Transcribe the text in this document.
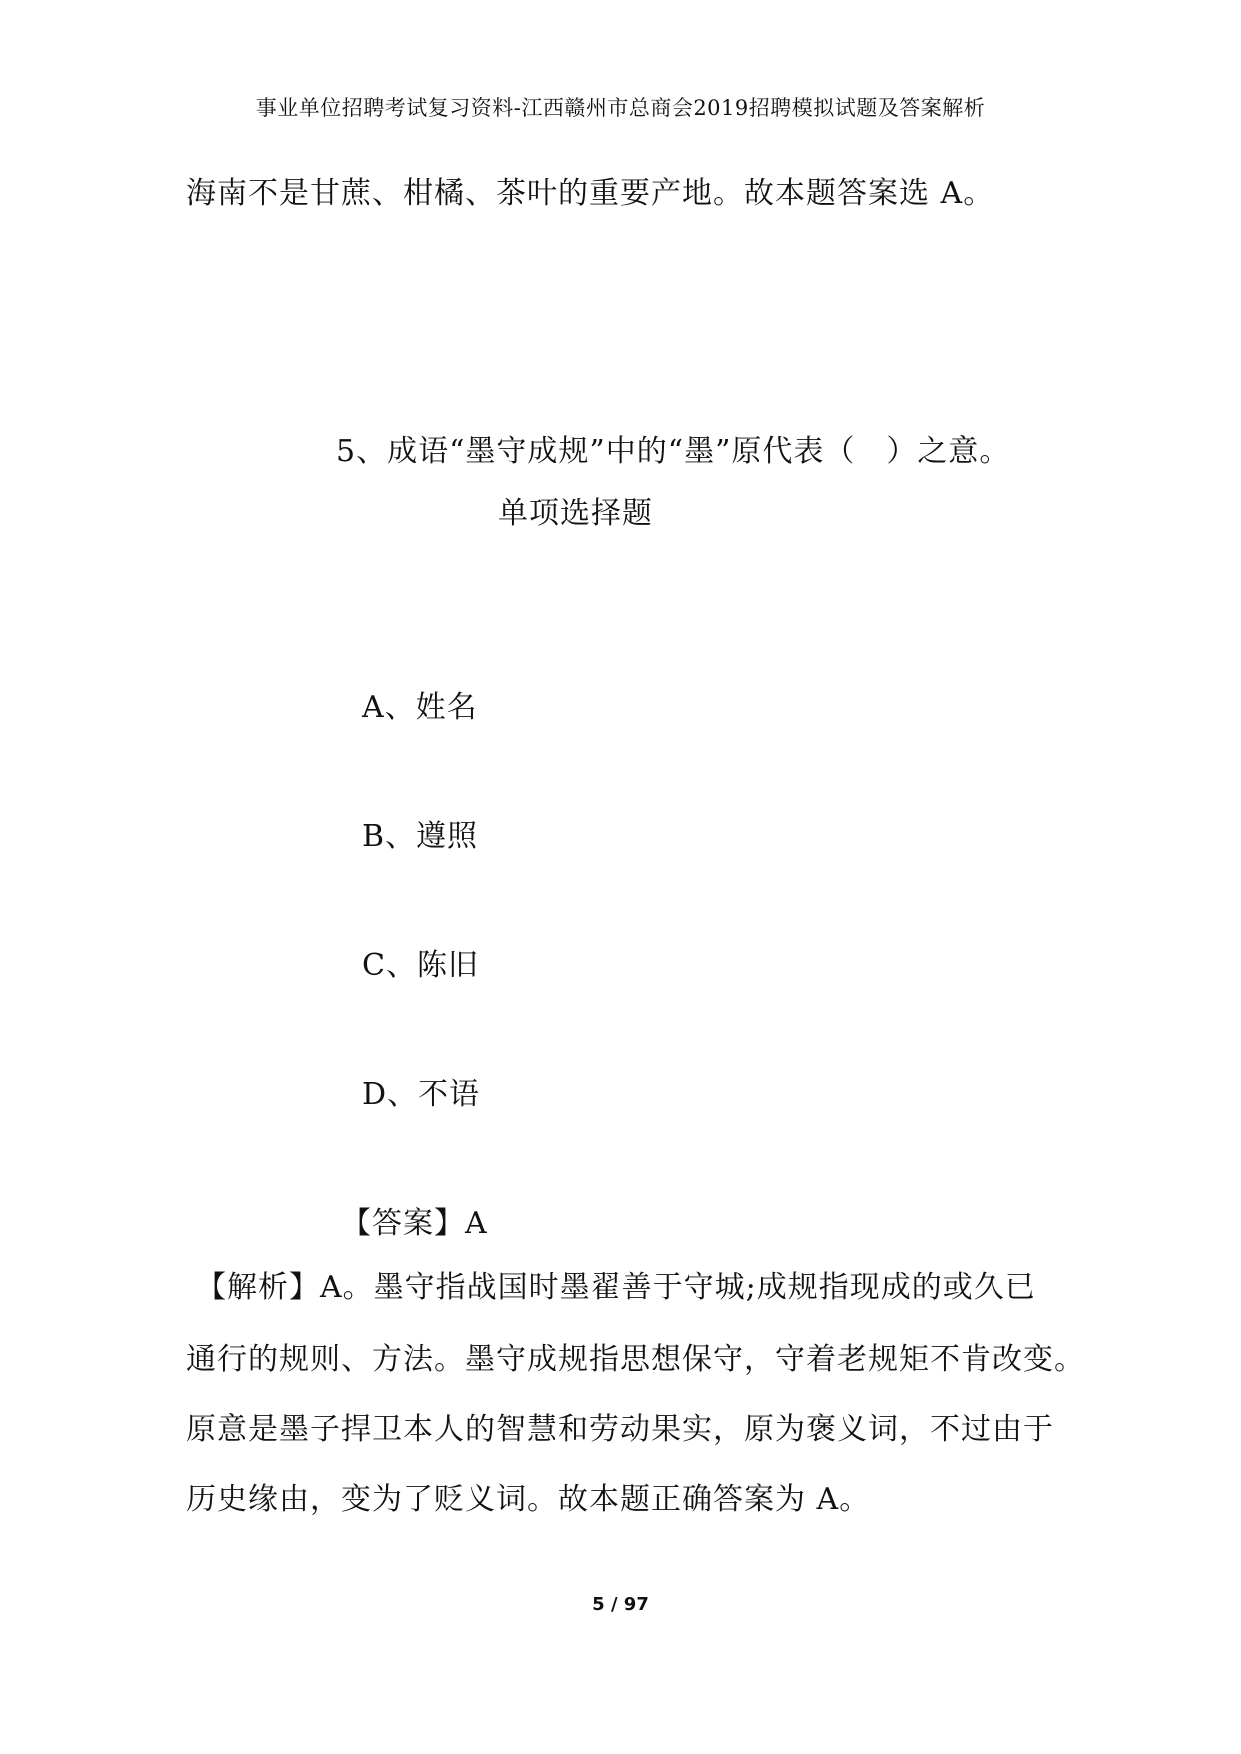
事业单位招聘考试复习资料-江西赣州市总商会2019招聘模拟试题及答案解析
海南不是甘蔗、柑橘、茶叶的重要产地。故本题答案选 A。
5、成语“墨守成规”中的“墨”原代表（　）之意。
单项选择题
A、姓名
B、遵照
C、陈旧
D、不语
【答案】A
【解析】A。墨守指战国时墨翟善于守城;成规指现成的或久已
通行的规则、方法。墨守成规指思想保守，守着老规矩不肯改变。
原意是墨子捍卫本人的智慧和劳动果实，原为褒义词，不过由于
历史缘由，变为了贬义词。故本题正确答案为 A。
5 / 97
